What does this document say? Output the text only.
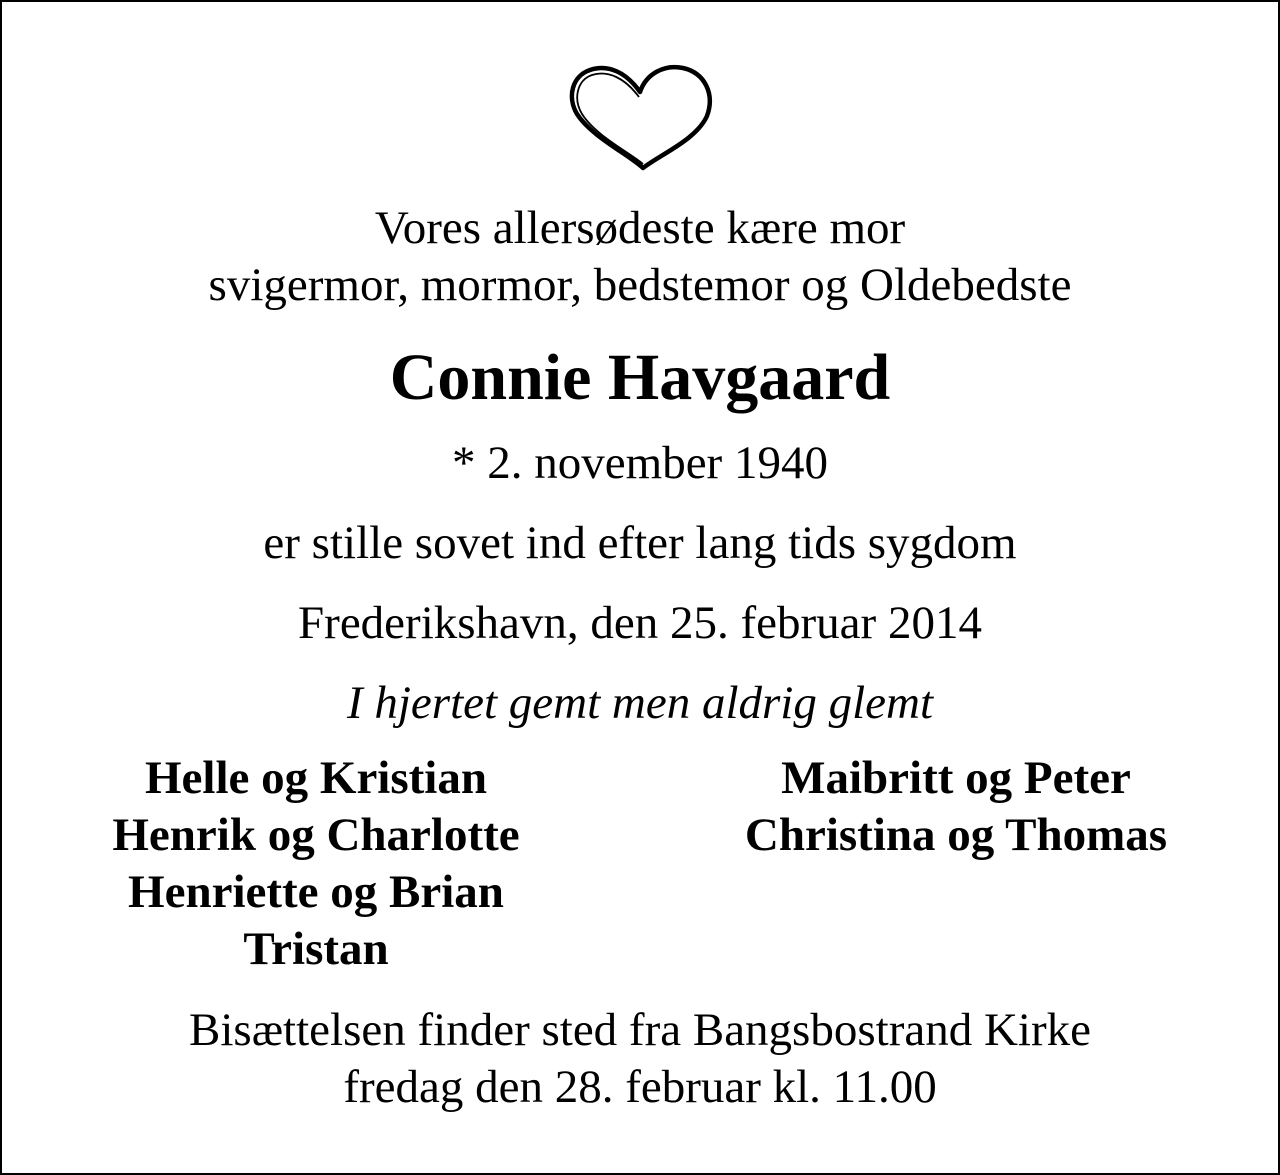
Vores allersødeste kære mor
svigermor, mormor, bedstemor og Oldebedste
Connie Havgaard
* 2. november 1940
er stille sovet ind efter lang tids sygdom
Frederikshavn, den 25. februar 2014
I hjertet gemt men aldrig glemt
Helle og Kristian
Henrik og Charlotte
Henriette og Brian
Tristan
Maibritt og Peter
Christina og Thomas
Bisættelsen finder sted fra Bangsbostrand Kirke
fredag den 28. februar kl. 11.00
